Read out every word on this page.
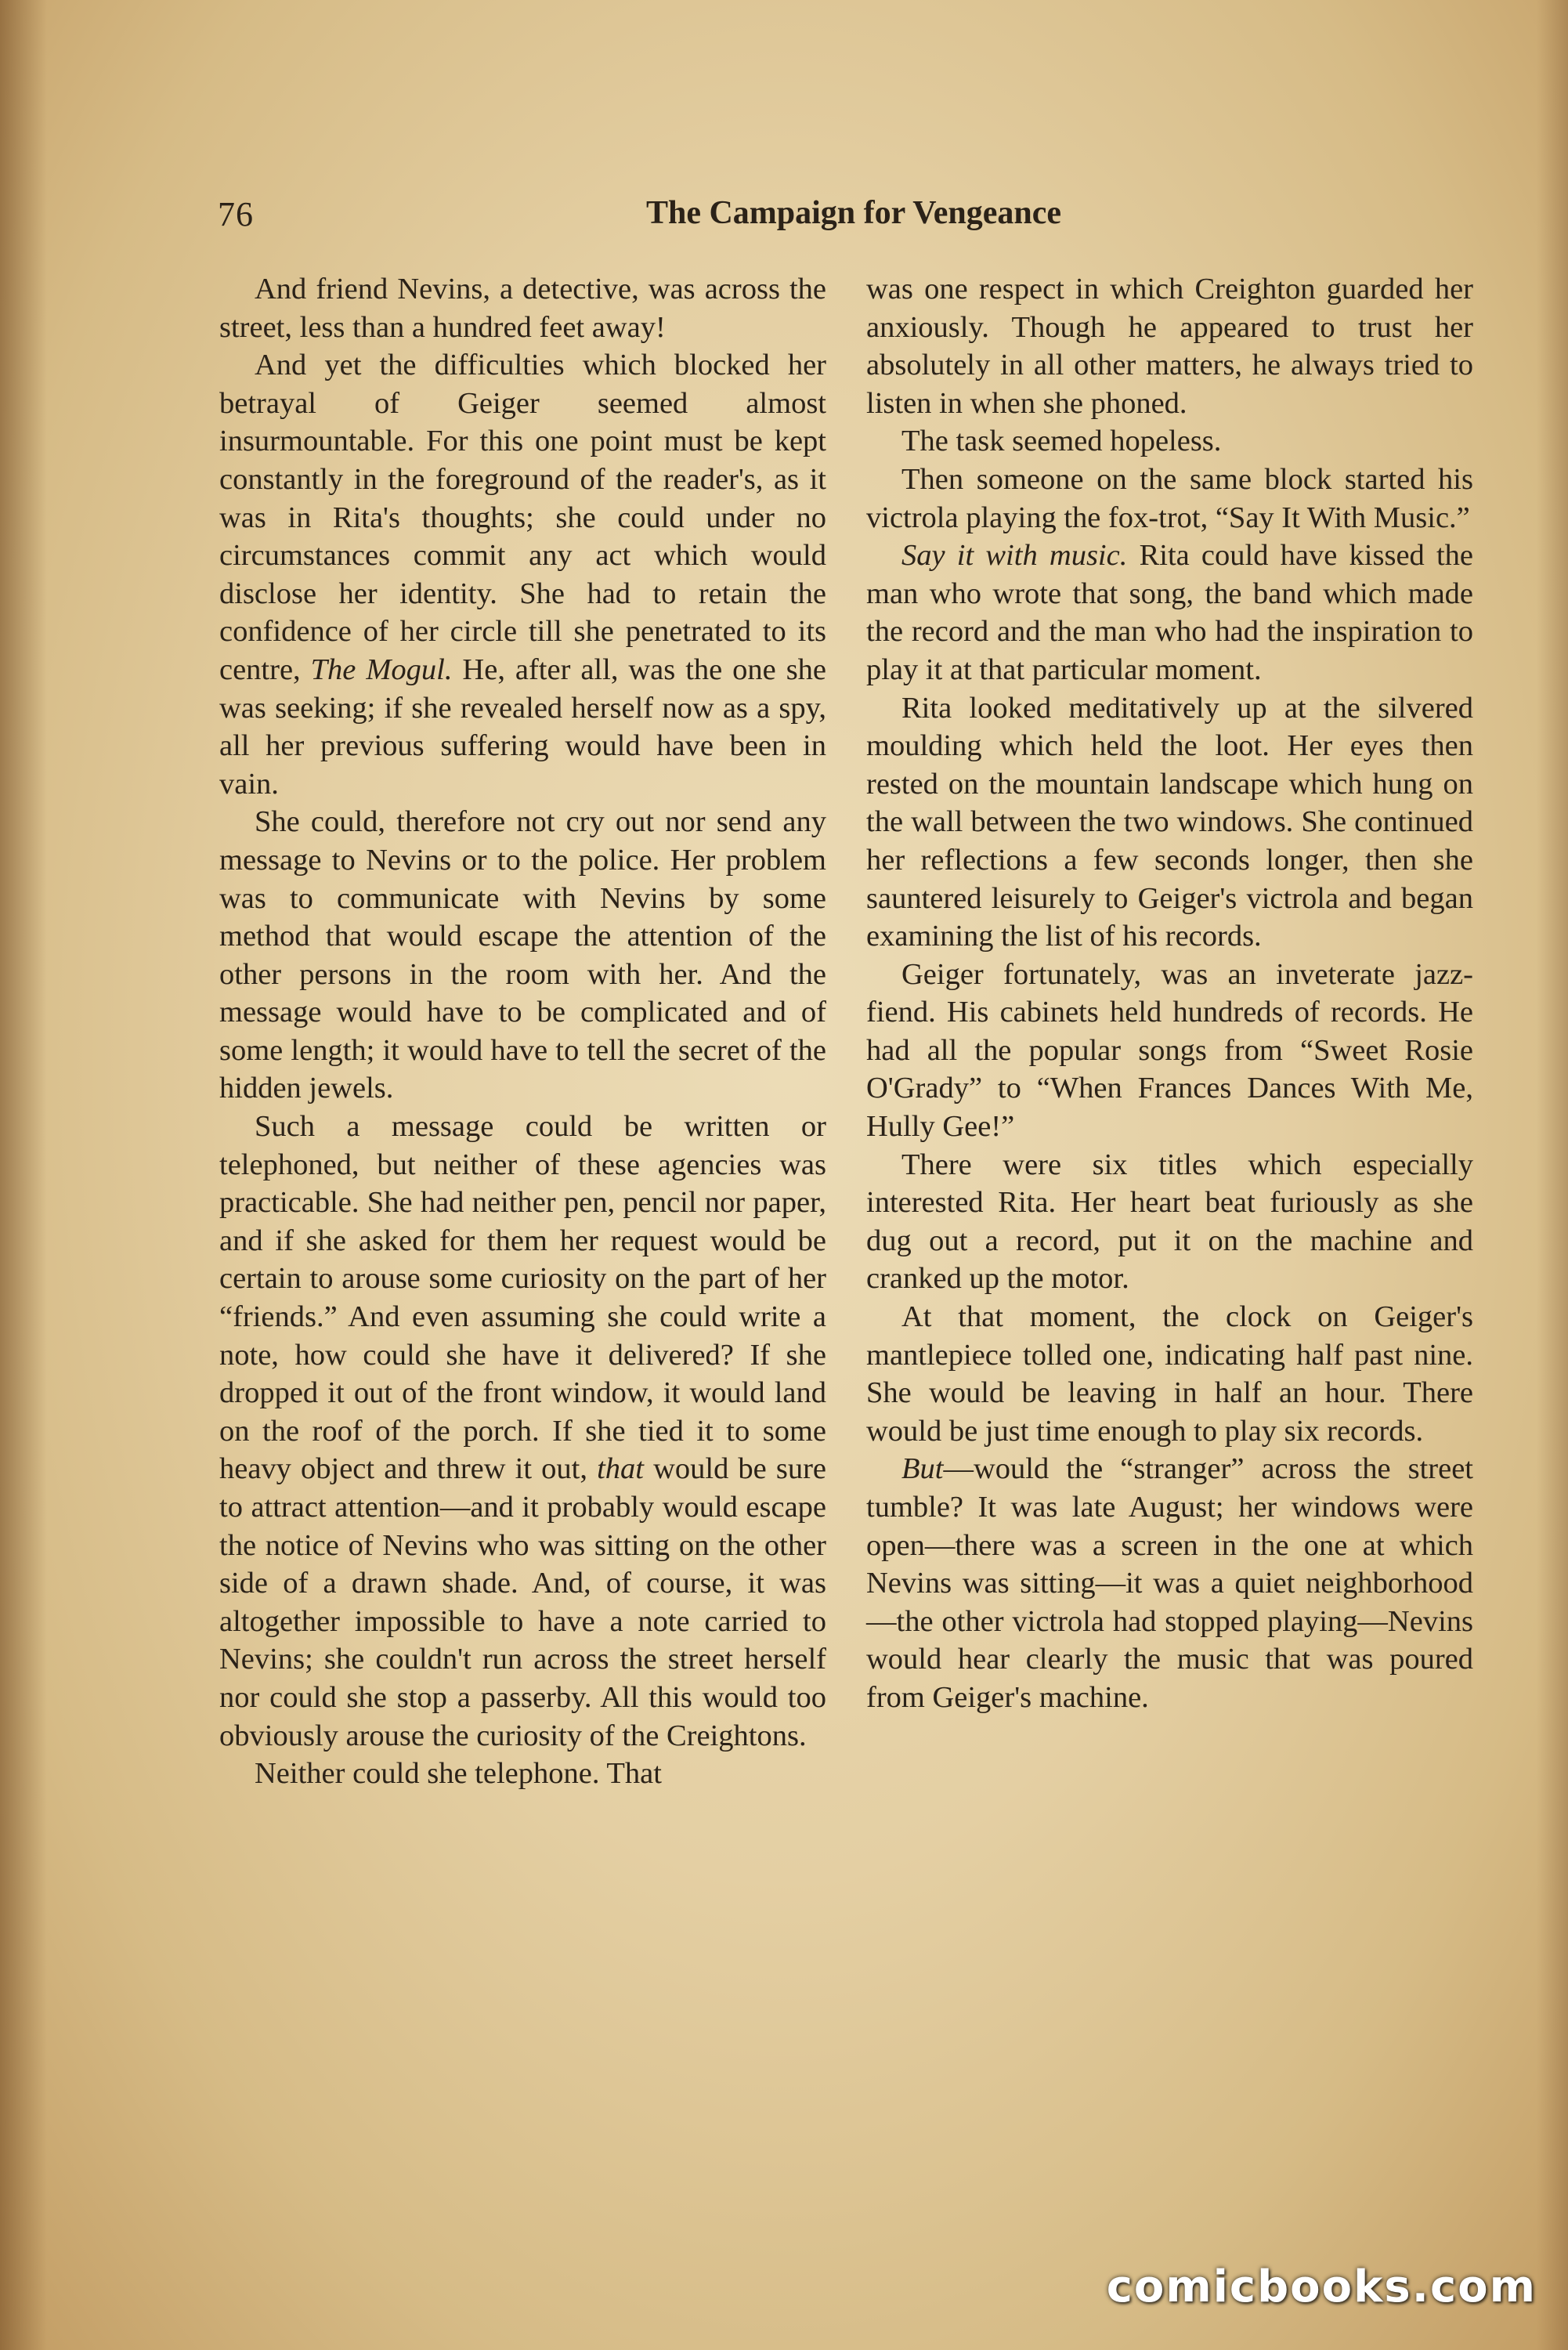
76	The Campaign for Vengeance

And friend Nevins, a detective, was across the street, less than a hundred feet away!

And yet the difficulties which blocked her betrayal of Geiger seemed almost insurmountable. For this one point must be kept constantly in the foreground of the reader's, as it was in Rita's thoughts; she could under no circumstances commit any act which would disclose her identity. She had to retain the confidence of her circle till she penetrated to its centre, The Mogul. He, after all, was the one she was seeking; if she revealed herself now as a spy, all her previous suffering would have been in vain.

She could, therefore not cry out nor send any message to Nevins or to the police. Her problem was to communicate with Nevins by some method that would escape the attention of the other persons in the room with her. And the message would have to be complicated and of some length; it would have to tell the secret of the hidden jewels.

Such a message could be written or telephoned, but neither of these agencies was practicable. She had neither pen, pencil nor paper, and if she asked for them her request would be certain to arouse some curiosity on the part of her “friends.” And even assuming she could write a note, how could she have it delivered? If she dropped it out of the front window, it would land on the roof of the porch. If she tied it to some heavy object and threw it out, that would be sure to attract attention—and it probably would escape the notice of Nevins who was sitting on the other side of a drawn shade. And, of course, it was altogether impossible to have a note carried to Nevins; she couldn't run across the street herself nor could she stop a passerby. All this would too obviously arouse the curiosity of the Creightons.

Neither could she telephone. That

was one respect in which Creighton guarded her anxiously. Though he appeared to trust her absolutely in all other matters, he always tried to listen in when she phoned.

The task seemed hopeless.

Then someone on the same block started his victrola playing the fox-trot, “Say It With Music.”

Say it with music. Rita could have kissed the man who wrote that song, the band which made the record and the man who had the inspiration to play it at that particular moment.

Rita looked meditatively up at the silvered moulding which held the loot. Her eyes then rested on the mountain landscape which hung on the wall between the two windows. She continued her reflections a few seconds longer, then she sauntered leisurely to Geiger's victrola and began examining the list of his records.

Geiger fortunately, was an inveterate jazz-fiend. His cabinets held hundreds of records. He had all the popular songs from “Sweet Rosie O'Grady” to “When Frances Dances With Me, Hully Gee!”

There were six titles which especially interested Rita. Her heart beat furiously as she dug out a record, put it on the machine and cranked up the motor.

At that moment, the clock on Geiger's mantlepiece tolled one, indicating half past nine. She would be leaving in half an hour. There would be just time enough to play six records.

But—would the “stranger” across the street tumble? It was late August; her windows were open—there was a screen in the one at which Nevins was sitting—it was a quiet neighborhood—the other victrola had stopped playing—Nevins would hear clearly the music that was poured from Geiger's machine.

comicbooks.com
